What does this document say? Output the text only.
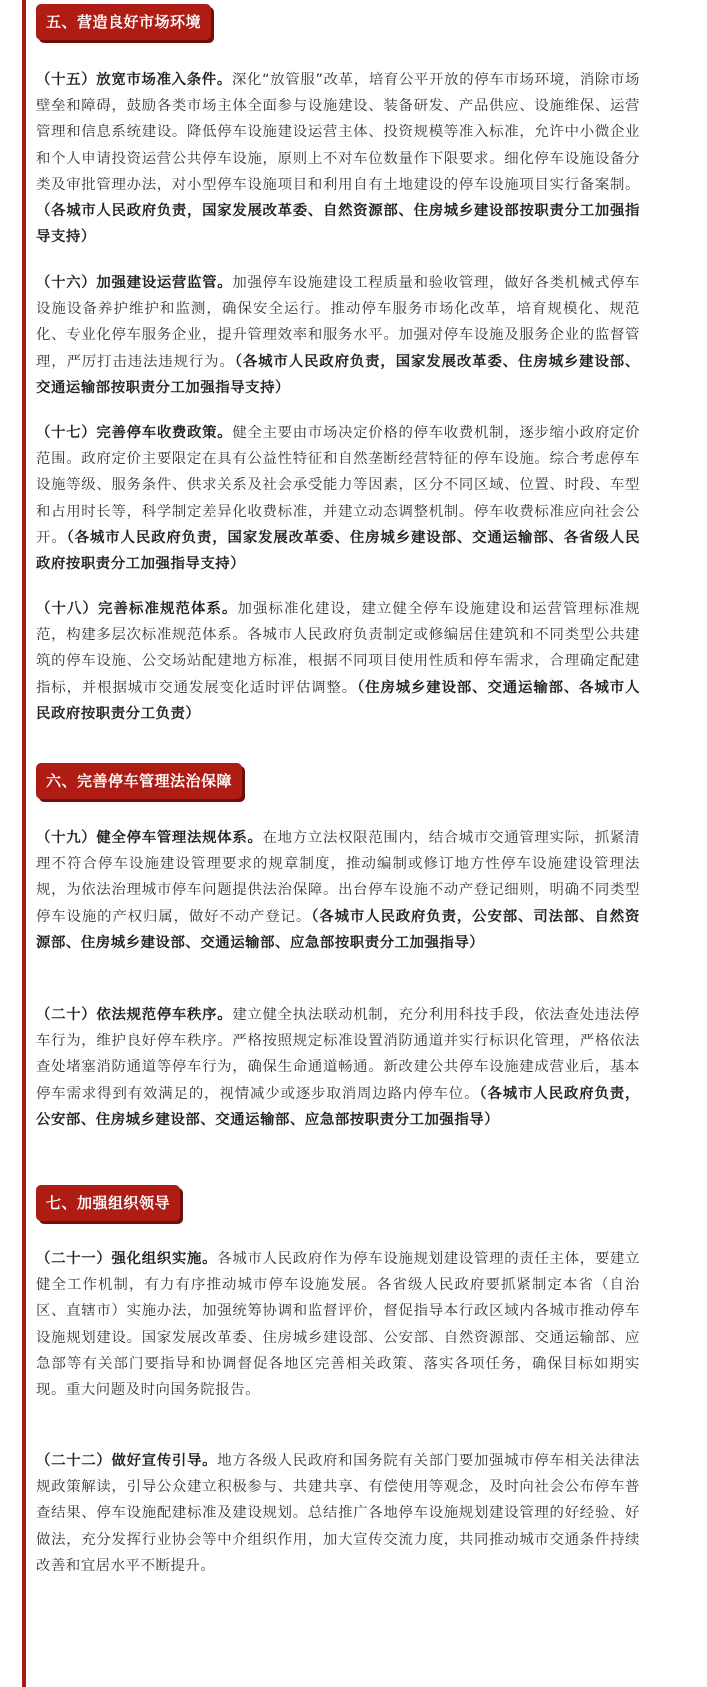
五、营造良好市场环境

（十五）放宽市场准入条件。深化“放管服”改革，培育公平开放的停车市场环境，消除市场壁垒和障碍，鼓励各类市场主体全面参与设施建设、装备研发、产品供应、设施维保、运营管理和信息系统建设。降低停车设施建设运营主体、投资规模等准入标准，允许中小微企业和个人申请投资运营公共停车设施，原则上不对车位数量作下限要求。细化停车设施设备分类及审批管理办法，对小型停车设施项目和利用自有土地建设的停车设施项目实行备案制。（各城市人民政府负责，国家发展改革委、自然资源部、住房城乡建设部按职责分工加强指导支持）

（十六）加强建设运营监管。加强停车设施建设工程质量和验收管理，做好各类机械式停车设施设备养护维护和监测，确保安全运行。推动停车服务市场化改革，培育规模化、规范化、专业化停车服务企业，提升管理效率和服务水平。加强对停车设施及服务企业的监督管理，严厉打击违法违规行为。（各城市人民政府负责，国家发展改革委、住房城乡建设部、交通运输部按职责分工加强指导支持）

（十七）完善停车收费政策。健全主要由市场决定价格的停车收费机制，逐步缩小政府定价范围。政府定价主要限定在具有公益性特征和自然垄断经营特征的停车设施。综合考虑停车设施等级、服务条件、供求关系及社会承受能力等因素，区分不同区域、位置、时段、车型和占用时长等，科学制定差异化收费标准，并建立动态调整机制。停车收费标准应向社会公开。（各城市人民政府负责，国家发展改革委、住房城乡建设部、交通运输部、各省级人民政府按职责分工加强指导支持）

（十八）完善标准规范体系。加强标准化建设，建立健全停车设施建设和运营管理标准规范，构建多层次标准规范体系。各城市人民政府负责制定或修编居住建筑和不同类型公共建筑的停车设施、公交场站配建地方标准，根据不同项目使用性质和停车需求，合理确定配建指标，并根据城市交通发展变化适时评估调整。（住房城乡建设部、交通运输部、各城市人民政府按职责分工负责）

六、完善停车管理法治保障

（十九）健全停车管理法规体系。在地方立法权限范围内，结合城市交通管理实际，抓紧清理不符合停车设施建设管理要求的规章制度，推动编制或修订地方性停车设施建设管理法规，为依法治理城市停车问题提供法治保障。出台停车设施不动产登记细则，明确不同类型停车设施的产权归属，做好不动产登记。（各城市人民政府负责，公安部、司法部、自然资源部、住房城乡建设部、交通运输部、应急部按职责分工加强指导）

（二十）依法规范停车秩序。建立健全执法联动机制，充分利用科技手段，依法查处违法停车行为，维护良好停车秩序。严格按照规定标准设置消防通道并实行标识化管理，严格依法查处堵塞消防通道等停车行为，确保生命通道畅通。新改建公共停车设施建成营业后，基本停车需求得到有效满足的，视情减少或逐步取消周边路内停车位。（各城市人民政府负责，公安部、住房城乡建设部、交通运输部、应急部按职责分工加强指导）

七、加强组织领导

（二十一）强化组织实施。各城市人民政府作为停车设施规划建设管理的责任主体，要建立健全工作机制，有力有序推动城市停车设施发展。各省级人民政府要抓紧制定本省（自治区、直辖市）实施办法，加强统筹协调和监督评价，督促指导本行政区域内各城市推动停车设施规划建设。国家发展改革委、住房城乡建设部、公安部、自然资源部、交通运输部、应急部等有关部门要指导和协调督促各地区完善相关政策、落实各项任务，确保目标如期实现。重大问题及时向国务院报告。

（二十二）做好宣传引导。地方各级人民政府和国务院有关部门要加强城市停车相关法律法规政策解读，引导公众建立积极参与、共建共享、有偿使用等观念，及时向社会公布停车普查结果、停车设施配建标准及建设规划。总结推广各地停车设施规划建设管理的好经验、好做法，充分发挥行业协会等中介组织作用，加大宣传交流力度，共同推动城市交通条件持续改善和宜居水平不断提升。
